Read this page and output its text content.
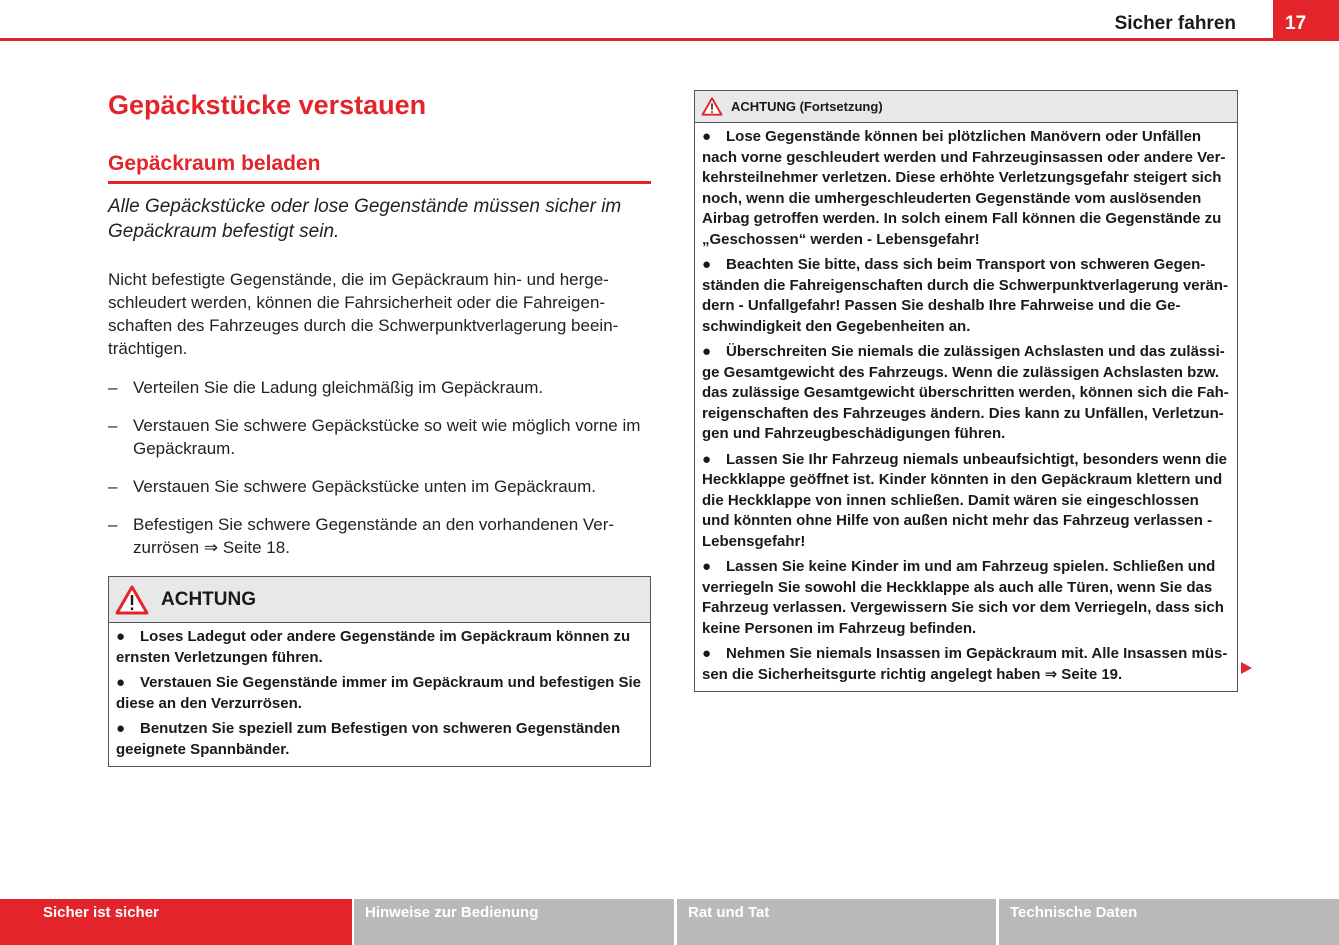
Sicher fahren	17
Gepäckstücke verstauen
Gepäckraum beladen
Alle Gepäckstücke oder lose Gegenstände müssen sicher im Gepäckraum befestigt sein.
Nicht befestigte Gegenstände, die im Gepäckraum hin- und herge-schleudert werden, können die Fahrsicherheit oder die Fahreigen-schaften des Fahrzeuges durch die Schwerpunktverlagerung beein-trächtigen.
– Verteilen Sie die Ladung gleichmäßig im Gepäckraum.
– Verstauen Sie schwere Gepäckstücke so weit wie möglich vorne im Gepäckraum.
– Verstauen Sie schwere Gepäckstücke unten im Gepäckraum.
– Befestigen Sie schwere Gegenstände an den vorhandenen Ver-zurrösen ⇒ Seite 18.
ACHTUNG
● Loses Ladegut oder andere Gegenstände im Gepäckraum können zu ernsten Verletzungen führen.
● Verstauen Sie Gegenstände immer im Gepäckraum und befestigen Sie diese an den Verzurrösen.
● Benutzen Sie speziell zum Befestigen von schweren Gegenständen geeignete Spannbänder.
ACHTUNG (Fortsetzung)
● Lose Gegenstände können bei plötzlichen Manövern oder Unfällen nach vorne geschleudert werden und Fahrzeuginsassen oder andere Ver-kehrsteilnehmer verletzen. Diese erhöhte Verletzungsgefahr steigert sich noch, wenn die umhergeschleuderten Gegenstände vom auslösenden Airbag getroffen werden. In solch einem Fall können die Gegenstände zu „Geschossen“ werden - Lebensgefahr!
● Beachten Sie bitte, dass sich beim Transport von schweren Gegen-ständen die Fahreigenschaften durch die Schwerpunktverlagerung verän-dern - Unfallgefahr! Passen Sie deshalb Ihre Fahrweise und die Ge-schwindigkeit den Gegebenheiten an.
● Überschreiten Sie niemals die zulässigen Achslasten und das zulässi-ge Gesamtgewicht des Fahrzeugs. Wenn die zulässigen Achslasten bzw. das zulässige Gesamtgewicht überschritten werden, können sich die Fah-reigenschaften des Fahrzeuges ändern. Dies kann zu Unfällen, Verletzun-gen und Fahrzeugbeschädigungen führen.
● Lassen Sie Ihr Fahrzeug niemals unbeaufsichtigt, besonders wenn die Heckklappe geöffnet ist. Kinder könnten in den Gepäckraum klettern und die Heckklappe von innen schließen. Damit wären sie eingeschlossen und könnten ohne Hilfe von außen nicht mehr das Fahrzeug verlassen - Lebensgefahr!
● Lassen Sie keine Kinder im und am Fahrzeug spielen. Schließen und verriegeln Sie sowohl die Heckklappe als auch alle Türen, wenn Sie das Fahrzeug verlassen. Vergewissern Sie sich vor dem Verriegeln, dass sich keine Personen im Fahrzeug befinden.
● Nehmen Sie niemals Insassen im Gepäckraum mit. Alle Insassen müs-sen die Sicherheitsgurte richtig angelegt haben ⇒ Seite 19.
Sicher ist sicher	Hinweise zur Bedienung	Rat und Tat	Technische Daten
